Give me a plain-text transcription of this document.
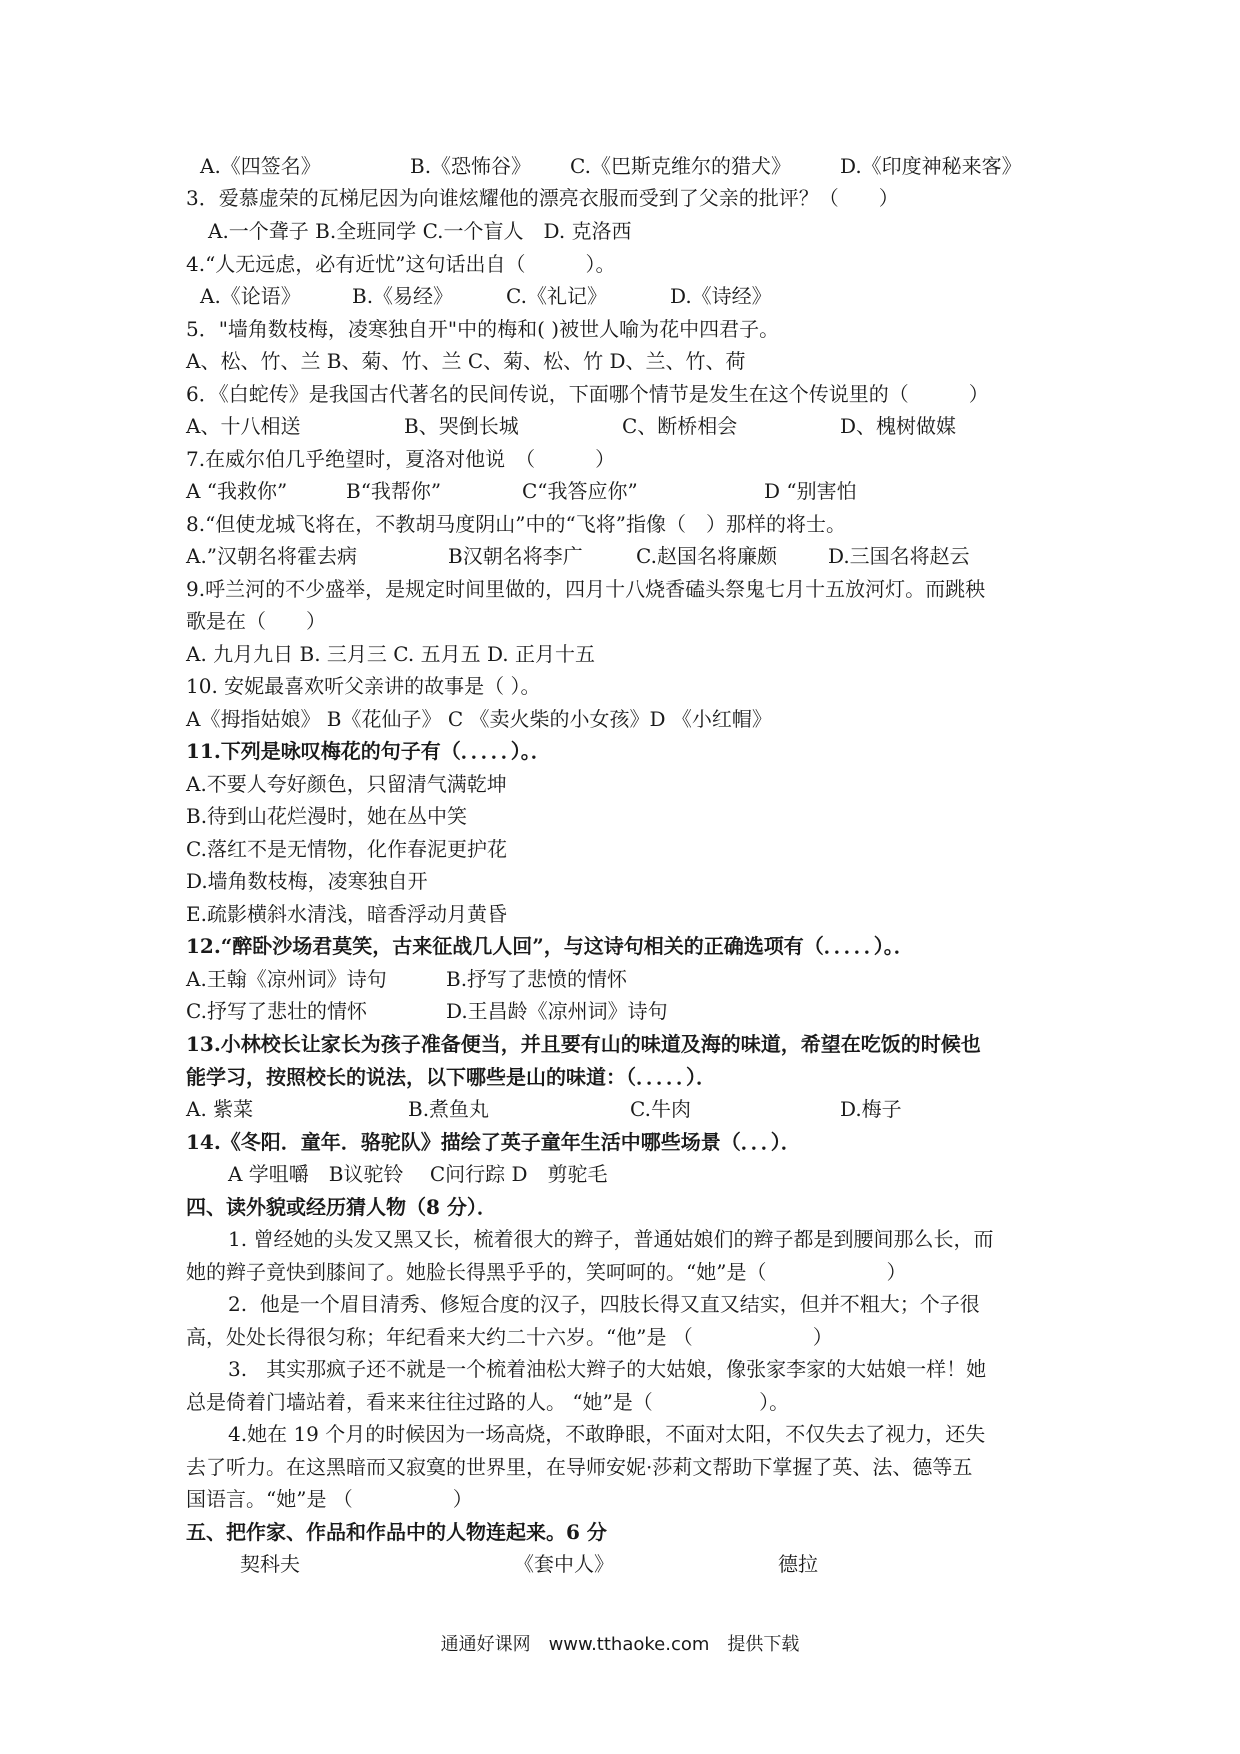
A.《四签名》	B.《恐怖谷》	C.《巴斯克维尔的猎犬》	D.《印度神秘来客》
3．爱慕虚荣的瓦梯尼因为向谁炫耀他的漂亮衣服而受到了父亲的批评？（　　）
A.一个聋子 B.全班同学 C.一个盲人　D. 克洛西
4.“人无远虑，必有近忧”这句话出自（　　　）。
A.《论语》	B.《易经》	C.《礼记》	D.《诗经》
5．"墙角数枝梅，凌寒独自开"中的梅和( )被世人喻为花中四君子。
A、松、竹、兰 B、菊、竹、兰 C、菊、松、竹 D、兰、竹、荷
6．《白蛇传》是我国古代著名的民间传说，下面哪个情节是发生在这个传说里的（　　　）
A、十八相送	B、哭倒长城	C、断桥相会	D、槐树做媒
7.在威尔伯几乎绝望时，夏洛对他说　（　　　）
A “我救你”	B“我帮你”	C“我答应你”	D “别害怕
8.“但使龙城飞将在，不教胡马度阴山”中的“飞将”指像（　）那样的将士。
A.”汉朝名将霍去病	B汉朝名将李广	C.赵国名将廉颇	D.三国名将赵云
9.呼兰河的不少盛举，是规定时间里做的，四月十八烧香磕头祭鬼七月十五放河灯。而跳秧
歌是在（　　）
A. 九月九日 B. 三月三 C. 五月五 D. 正月十五
10. 安妮最喜欢听父亲讲的故事是（ ）。
A《拇指姑娘》 B《花仙子》 C 《卖火柴的小女孩》D 《小红帽》
11.下列是咏叹梅花的句子有（．．．．．）。．
A.不要人夸好颜色，只留清气满乾坤
B.待到山花烂漫时，她在丛中笑
C.落红不是无情物，化作春泥更护花
D.墙角数枝梅，凌寒独自开
E.疏影横斜水清浅，暗香浮动月黄昏
12.“醉卧沙场君莫笑，古来征战几人回”，与这诗句相关的正确选项有（．．．．．）。．
A.王翰《凉州词》诗句	B.抒写了悲愤的情怀
C.抒写了悲壮的情怀	D.王昌龄《凉州词》诗句
13.小林校长让家长为孩子准备便当，并且要有山的味道及海的味道，希望在吃饭的时候也
能学习，按照校长的说法，以下哪些是山的味道：（．．．．．）．
A. 紫菜	B.煮鱼丸	C.牛肉	D.梅子
14.《冬阳．童年．骆驼队》描绘了英子童年生活中哪些场景（．．．）．
A 学咀嚼　B议驼铃　 C问行踪 D　剪驼毛
四、读外貌或经历猜人物（8 分）．
1. 曾经她的头发又黑又长，梳着很大的辫子，普通姑娘们的辫子都是到腰间那么长，而
她的辫子竟快到膝间了。她脸长得黑乎乎的，笑呵呵的。“她”是（　　　　　　）
2.  他是一个眉目清秀、修短合度的汉子，四肢长得又直又结实，但并不粗大；个子很
高，处处长得很匀称；年纪看来大约二十六岁。“他”是 （　　　　　　）
3.   其实那疯子还不就是一个梳着油松大辫子的大姑娘，像张家李家的大姑娘一样！她
总是倚着门墙站着，看来来往往过路的人。 “她”是（　　　　　 ）。
4.她在 19 个月的时候因为一场高烧，不敢睁眼，不面对太阳，不仅失去了视力，还失
去了听力。在这黑暗而又寂寞的世界里，在导师安妮·莎莉文帮助下掌握了英、法、德等五
国语言。“她”是 （　　　　　）
五、把作家、作品和作品中的人物连起来。6 分
契科夫	《套中人》	德拉
通通好课网　www.tthaoke.com　提供下载
